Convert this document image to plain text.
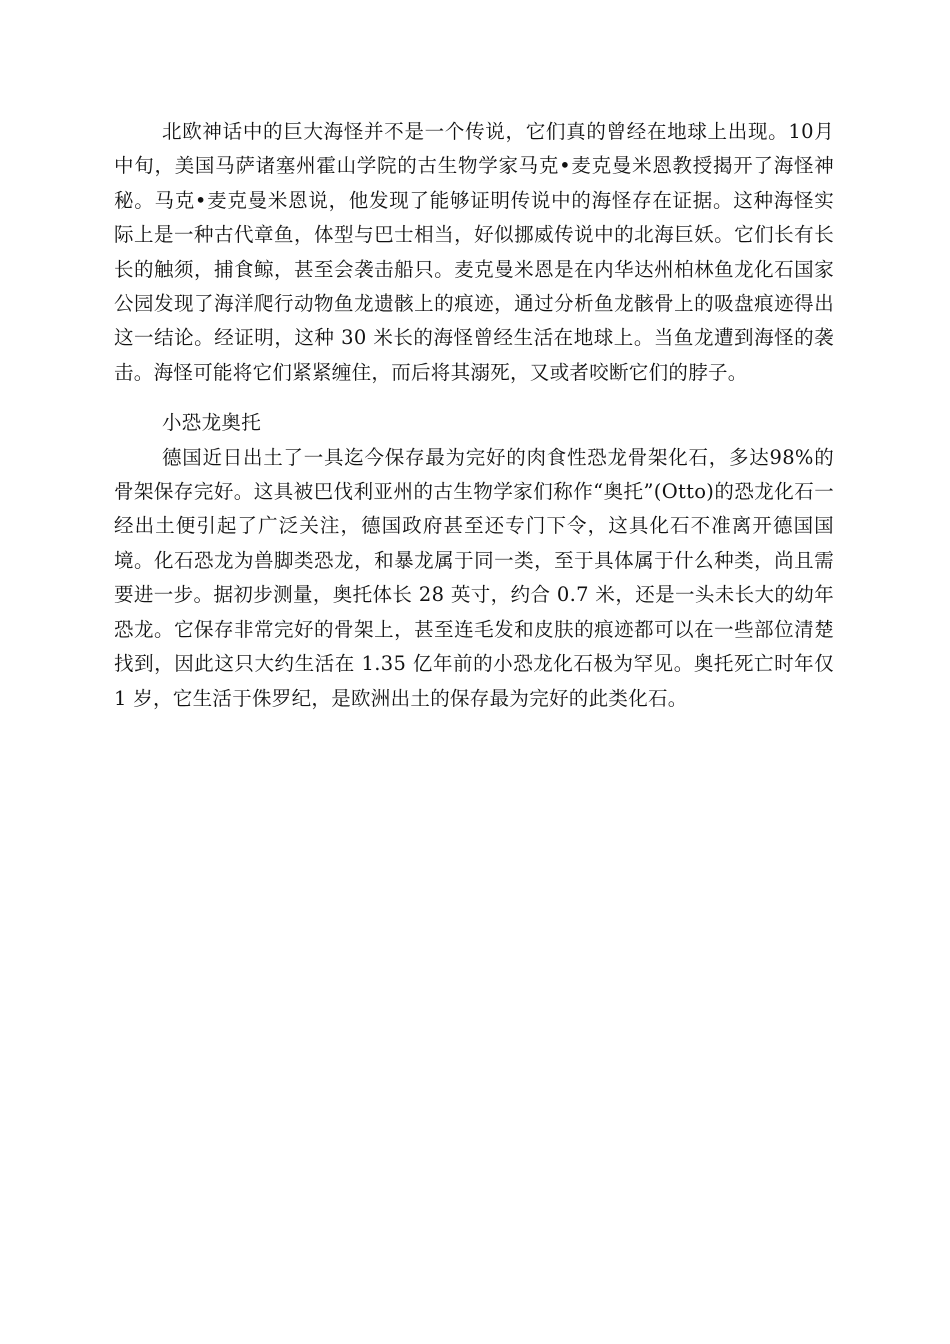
北欧神话中的巨大海怪并不是一个传说，它们真的曾经在地球上出现。10月中旬，美国马萨诸塞州霍山学院的古生物学家马克•麦克曼米恩教授揭开了海怪神秘。马克•麦克曼米恩说，他发现了能够证明传说中的海怪存在证据。这种海怪实际上是一种古代章鱼，体型与巴士相当，好似挪威传说中的北海巨妖。它们长有长长的触须，捕食鲸，甚至会袭击船只。麦克曼米恩是在内华达州柏林鱼龙化石国家公园发现了海洋爬行动物鱼龙遗骸上的痕迹，通过分析鱼龙骸骨上的吸盘痕迹得出这一结论。经证明，这种 30 米长的海怪曾经生活在地球上。当鱼龙遭到海怪的袭击。海怪可能将它们紧紧缠住，而后将其溺死，又或者咬断它们的脖子。

小恐龙奥托

德国近日出土了一具迄今保存最为完好的肉食性恐龙骨架化石，多达98%的骨架保存完好。这具被巴伐利亚州的古生物学家们称作“奥托”(Otto)的恐龙化石一经出土便引起了广泛关注，德国政府甚至还专门下令，这具化石不准离开德国国境。化石恐龙为兽脚类恐龙，和暴龙属于同一类，至于具体属于什么种类，尚且需要进一步。据初步测量，奥托体长 28 英寸，约合 0.7 米，还是一头未长大的幼年恐龙。它保存非常完好的骨架上，甚至连毛发和皮肤的痕迹都可以在一些部位清楚找到，因此这只大约生活在 1.35 亿年前的小恐龙化石极为罕见。奥托死亡时年仅 1 岁，它生活于侏罗纪，是欧洲出土的保存最为完好的此类化石。
